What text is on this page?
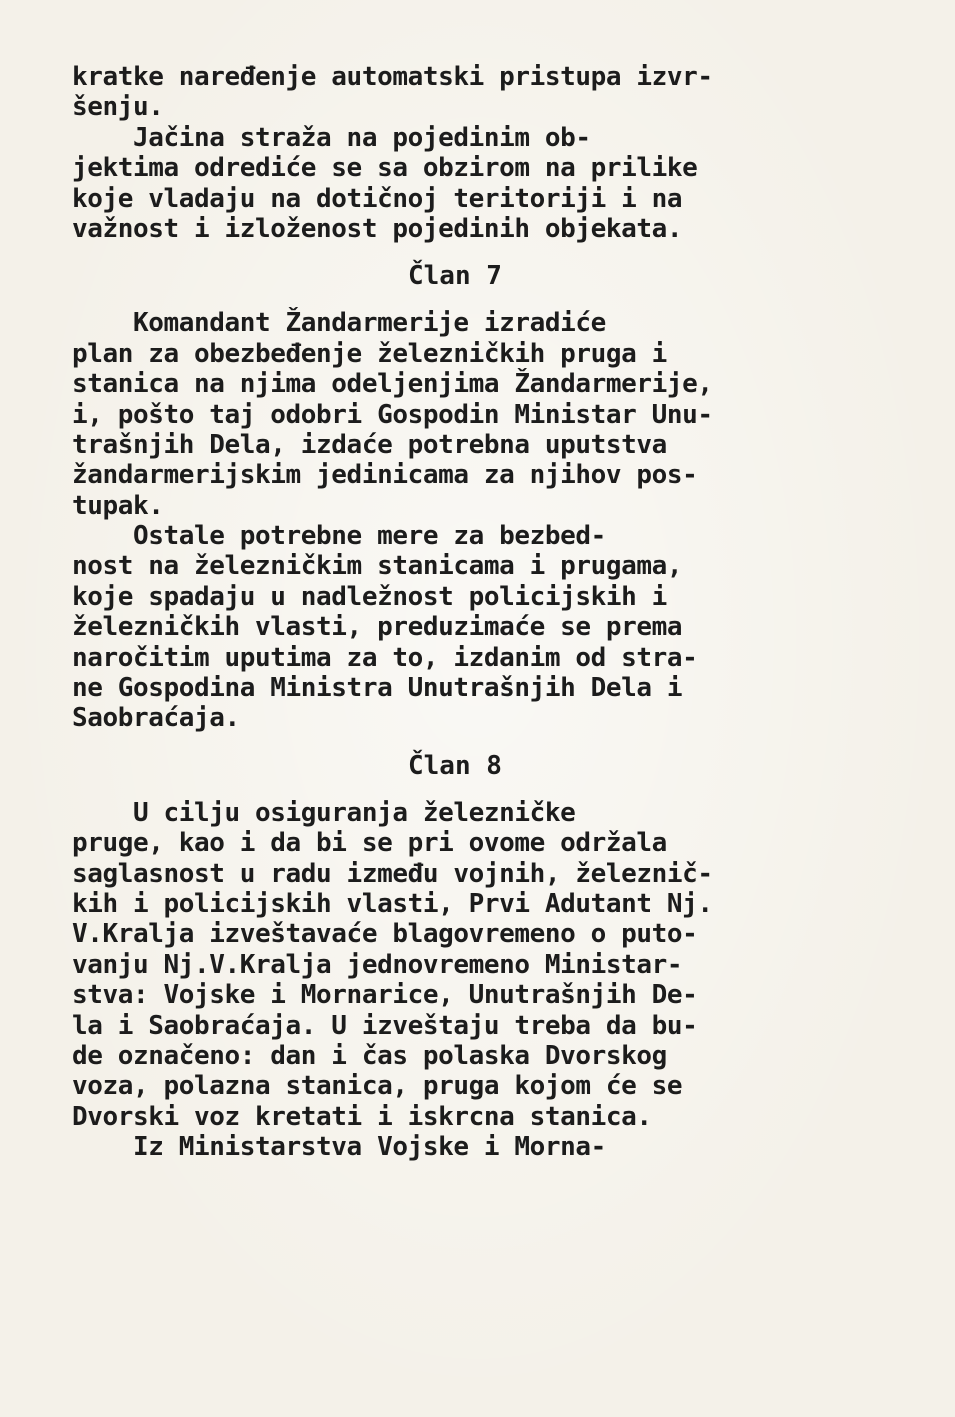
kratke naređenje automatski pristupa izvr-
šenju.
Jačina straža na pojedinim ob-
jektima odrediće se sa obzirom na prilike
koje vladaju na dotičnoj teritoriji i na
važnost i izloženost pojedinih objekata.
Član 7
Komandant Žandarmerije izradiće
plan za obezbeđenje železničkih pruga i
stanica na njima odeljenjima Žandarmerije,
i, pošto taj odobri Gospodin Ministar Unu-
trašnjih Dela, izdaće potrebna uputstva
žandarmerijskim jedinicama za njihov pos-
tupak.
Ostale potrebne mere za bezbed-
nost na železničkim stanicama i prugama,
koje spadaju u nadležnost policijskih i
železničkih vlasti, preduzimaće se prema
naročitim uputima za to, izdanim od stra-
ne Gospodina Ministra Unutrašnjih Dela i
Saobraćaja.
Član 8
U cilju osiguranja železničke
pruge, kao i da bi se pri ovome održala
saglasnost u radu između vojnih, železnič-
kih i policijskih vlasti, Prvi Adutant Nj.
V.Kralja izveštavaće blagovremeno o putо-
vanju Nj.V.Kralja jednovremeno Ministar-
stva: Vojske i Mornarice, Unutrašnjih De-
la i Saobraćaja. U izveštaju treba da bu-
de označeno: dan i čas polaska Dvorskog
voza, polazna stanica, pruga kojom će se
Dvorski voz kretati i iskrcna stanica.
Iz Ministarstva Vojske i Morna-
